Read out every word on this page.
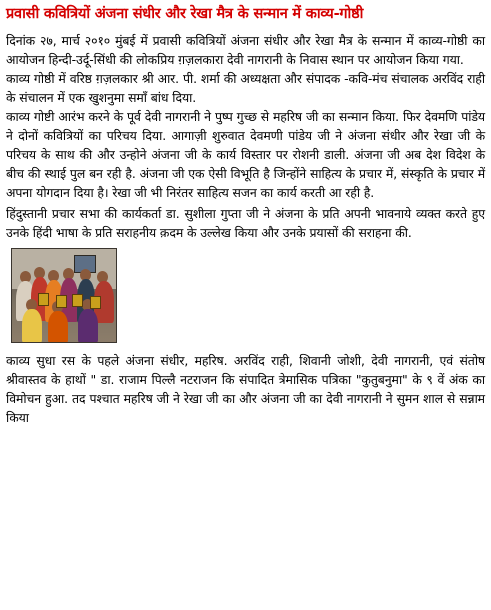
प्रवासी कवित्रियों अंजना संधीर और रेखा मैत्र के सन्मान में काव्य-गोष्ठी

दिनांक २७, मार्च २०१० मुंबई में प्रवासी कवित्रियों अंजना संधीर और रेखा मैत्र के सन्मान में काव्य-गोष्ठी का आयोजन हिन्दी-उर्दू-सिंधी की लोकप्रिय ग़ज़लकारा देवी नागरानी के निवास स्थान पर आयोजन किया गया.

काव्य गोष्ठी में वरिष्ठ ग़ज़लकार श्री आर. पी. शर्मा की अध्यक्षता और संपादक -कवि-मंच संचालक अरविंद राही के संचालन में एक खुशनुमा समाँ बांध दिया.

काव्य गोष्टी आरंभ करने के पूर्व देवी नागरानी ने पुष्प गुच्छ से महरिष जी का सन्मान किया. फिर देवमणि पांडेय ने दोनों कवित्रियों का परिचय दिया. आगाज़ी शुरुवात देवमणी पांडेय जी ने अंजना संधीर और रेखा जी के परिचय के साथ की और उन्होने अंजना जी के कार्य विस्तार पर रोशनी डाली. अंजना जी अब देश विदेश के बीच की स्थाई पुल बन रही है. अंजना जी एक ऐसी विभूति है जिन्होंने साहित्य के प्रचार में, संस्कृति के प्रचार में अपना योगदान दिया है। रेखा जी भी निरंतर साहित्य सजन का कार्य करती आ रही है.

हिंदुस्तानी प्रचार सभा की कार्यकर्ता डा. सुशीला गुप्ता जी ने अंजना के प्रति अपनी भावनाये व्यक्त करते हुए उनके हिंदी भाषा के प्रति सराहनीय क़दम के उल्लेख किया और उनके प्रयासों की सराहना की.

काव्य सुधा रस के पहले अंजना संधीर, महरिष. अरविंद राही, शिवानी जोशी, देवी नागरानी, एवं संतोष श्रीवास्तव के हाथों " डा. राजाम पिल्लै नटराजन कि संपादित त्रेमासिक पत्रिका "कुतुबनुमा" के ९ वें अंक का विमोचन हुआ. तद पश्चात महरिष जी ने रेखा जी का और अंजना जी का देवी नागरानी ने सुमन शाल से सन्नाम किया
